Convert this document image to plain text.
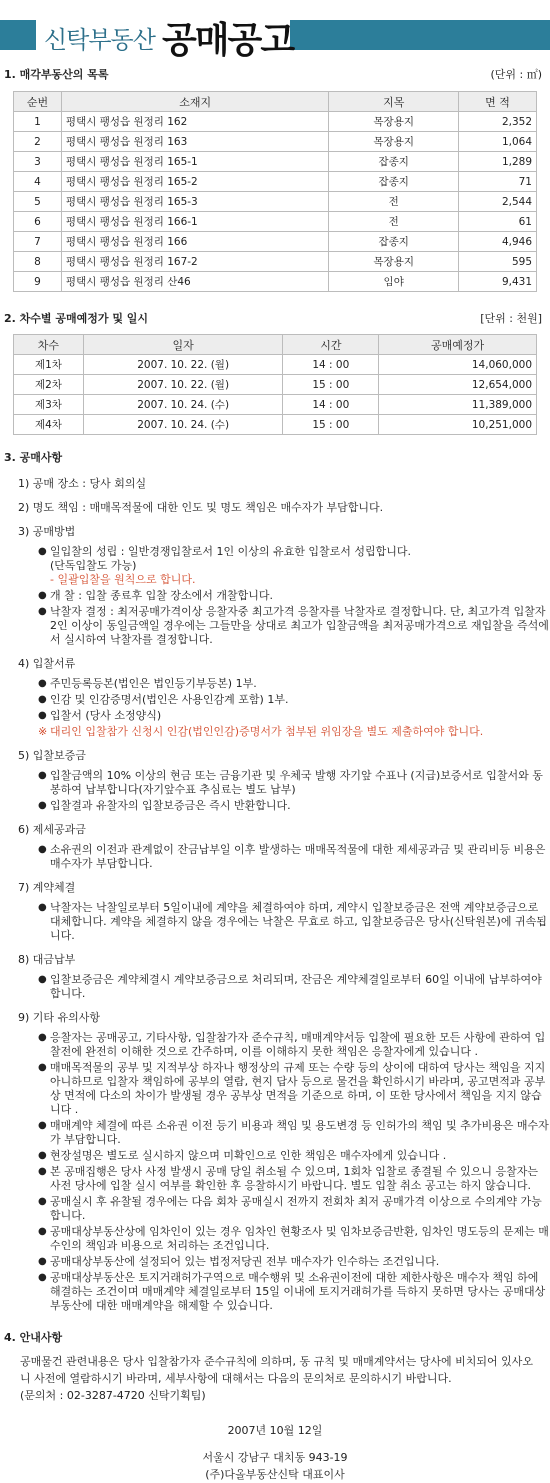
신탁부동산 공매공고
1. 매각부동산의 목록	(단위 : ㎡)
순번	소재지	지목	면 적
1	평택시 팽성읍 원정리 162	목장용지	2,352
2	평택시 팽성읍 원정리 163	목장용지	1,064
3	평택시 팽성읍 원정리 165-1	잡종지	1,289
4	평택시 팽성읍 원정리 165-2	잡종지	71
5	평택시 팽성읍 원정리 165-3	전	2,544
6	평택시 팽성읍 원정리 166-1	전	61
7	평택시 팽성읍 원정리 166	잡종지	4,946
8	평택시 팽성읍 원정리 167-2	목장용지	595
9	평택시 팽성읍 원정리 산46	임야	9,431
2. 차수별 공매예정가 및 일시	[단위 : 천원]
차수	일자	시간	공매예정가
제1차	2007. 10. 22. (월)	14 : 00	14,060,000
제2차	2007. 10. 22. (월)	15 : 00	12,654,000
제3차	2007. 10. 24. (수)	14 : 00	11,389,000
제4차	2007. 10. 24. (수)	15 : 00	10,251,000
3. 공매사항
1) 공매 장소 : 당사 회의실
2) 명도 책임 : 매매목적물에 대한 인도 및 명도 책임은 매수자가 부담합니다.
3) 공매방법
● 일입찰의 성립 : 일반경쟁입찰로서 1인 이상의 유효한 입찰로서 성립합니다.
(단독입찰도 가능)
- 일괄입찰을 원칙으로 합니다.
● 개 찰 : 입찰 종료후 입찰 장소에서 개찰합니다.
● 낙찰자 결정 : 최저공매가격이상 응찰자중 최고가격 응찰자를 낙찰자로 결정합니다. 단, 최고가격 입찰자 2인 이상이 동일금액일 경우에는 그들만을 상대로 최고가 입찰금액을 최저공매가격으로 재입찰을 즉석에서 실시하여 낙찰자를 결정합니다.
4) 입찰서류
● 주민등록등본(법인은 법인등기부등본) 1부.
● 인감 및 인감증명서(법인은 사용인감계 포함) 1부.
● 입찰서 (당사 소정양식)
※ 대리인 입찰참가 신청시 인감(법인인감)증명서가 첨부된 위임장을 별도 제출하여야 합니다.
5) 입찰보증금
● 입찰금액의 10% 이상의 현금 또는 금융기관 및 우체국 발행 자기앞 수표나 (지급)보증서로 입찰서와 동봉하여 납부합니다(자기앞수표 추심료는 별도 납부)
● 입찰결과 유찰자의 입찰보증금은 즉시 반환합니다.
6) 제세공과금
● 소유권의 이전과 관계없이 잔금납부일 이후 발생하는 매매목적물에 대한 제세공과금 및 관리비등 비용은 매수자가 부담합니다.
7) 계약체결
● 낙찰자는 낙찰일로부터 5일이내에 계약을 체결하여야 하며, 계약시 입찰보증금은 전액 계약보증금으로 대체합니다. 계약을 체결하지 않을 경우에는 낙찰은 무효로 하고, 입찰보증금은 당사(신탁원본)에 귀속됩니다.
8) 대금납부
● 입찰보증금은 계약체결시 계약보증금으로 처리되며, 잔금은 계약체결일로부터 60일 이내에 납부하여야 합니다.
9) 기타 유의사항
● 응찰자는 공매공고, 기타사항, 입찰참가자 준수규칙, 매매계약서등 입찰에 필요한 모든 사항에 관하여 입찰전에 완전히 이해한 것으로 간주하며, 이를 이해하지 못한 책임은 응찰자에게 있습니다 .
● 매매목적물의 공부 및 지적부상 하자나 행정상의 규제 또는 수량 등의 상이에 대하여 당사는 책임을 지지 아니하므로 입찰자 책임하에 공부의 열람, 현지 답사 등으로 물건을 확인하시기 바라며, 공고면적과 공부상 면적에 다소의 차이가 발생될 경우 공부상 면적을 기준으로 하며, 이 또한 당사에서 책임을 지지 않습니다 .
● 매매계약 체결에 따른 소유권 이전 등기 비용과 책임 및 용도변경 등 인허가의 책임 및 추가비용은 매수자가 부담합니다.
● 현장설명은 별도로 실시하지 않으며 미확인으로 인한 책임은 매수자에게 있습니다 .
● 본 공매집행은 당사 사정 발생시 공매 당일 취소될 수 있으며, 1회차 입찰로 종결될 수 있으니 응찰자는 사전 당사에 입찰 실시 여부를 확인한 후 응찰하시기 바랍니다. 별도 입찰 취소 공고는 하지 않습니다.
● 공매실시 후 유찰될 경우에는 다음 회차 공매실시 전까지 전회차 최저 공매가격 이상으로 수의계약 가능합니다.
● 공매대상부동산상에 임차인이 있는 경우 임차인 현황조사 및 임차보증금반환, 임차인 명도등의 문제는 매수인의 책임과 비용으로 처리하는 조건입니다.
● 공매대상부동산에 설정되어 있는 법정저당권 전부 매수자가 인수하는 조건입니다.
● 공매대상부동산은 토지거래허가구역으로 매수행위 및 소유권이전에 대한 제한사항은 매수자 책임 하에 해결하는 조건이며 매매계약 체결일로부터 15일 이내에 토지거래허가를 득하지 못하면 당사는 공매대상부동산에 대한 매매계약을 해제할 수 있습니다.
4. 안내사항
공매물건 관련내용은 당사 입찰참가자 준수규칙에 의하며, 동 규칙 및 매매계약서는 당사에 비치되어 있사오니 사전에 열람하시기 바라며, 세부사항에 대해서는 다음의 문의처로 문의하시기 바랍니다.
(문의처 : 02-3287-4720 신탁기획팀)
2007년 10월 12일
서울시 강남구 대치동 943-19
(주)다올부동산신탁 대표이사
